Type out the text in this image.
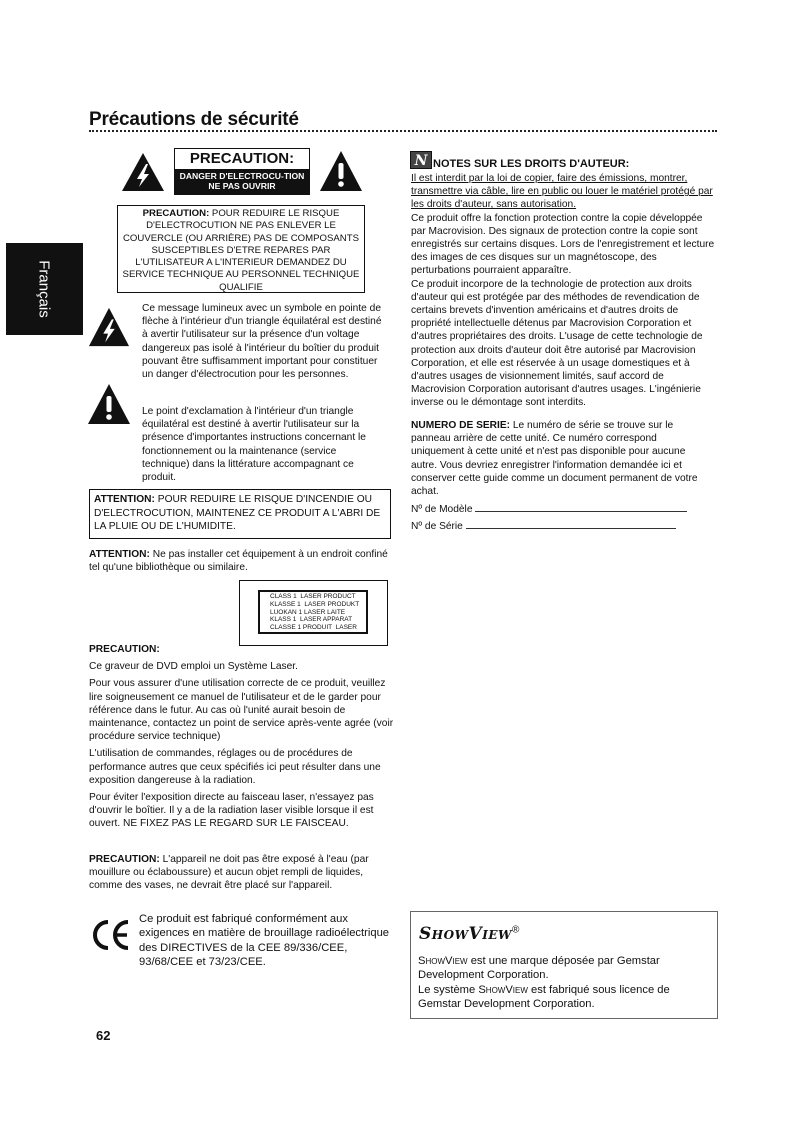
Précautions de sécurité
Français
PRECAUTION:
DANGER D'ELECTROCU-TION NE PAS OUVRIR
PRECAUTION: POUR REDUIRE LE RISQUE D'ELECTROCUTION NE PAS ENLEVER LE COUVERCLE (OU ARRIÈRE) PAS DE COMPOSANTS SUSCEPTIBLES D'ETRE REPARES PAR L'UTILISATEUR A L'INTERIEUR DEMANDEZ DU SERVICE TECHNIQUE AU PERSONNEL TECHNIQUE QUALIFIE
Ce message lumineux avec un symbole en pointe de flèche à l'intérieur d'un triangle équilatéral est destiné à avertir l'utilisateur sur la présence d'un voltage dangereux pas isolé à l'intérieur du boîtier du produit pouvant être suffisamment important pour constituer un danger d'électrocution pour les personnes.
Le point d'exclamation à l'intérieur d'un triangle équilatéral est destiné à avertir l'utilisateur sur la présence d'importantes instructions concernant le fonctionnement ou la maintenance (service technique) dans la littérature accompagnant ce produit.
ATTENTION: POUR REDUIRE LE RISQUE D'INCENDIE OU D'ELECTROCUTION, MAINTENEZ CE PRODUIT A L'ABRI DE LA PLUIE OU DE L'HUMIDITE.
ATTENTION: Ne pas installer cet équipement à un endroit confiné tel qu'une bibliothèque ou similaire.
CLASS 1  LASER PRODUCT
KLASSE 1  LASER PRODUKT
LUOKAN 1 LASER LAITE
KLASS 1  LASER APPARAT
CLASSE 1 PRODUIT  LASER
PRECAUTION:
Ce graveur de DVD emploi un Système Laser.
Pour vous assurer d'une utilisation correcte de ce produit, veuillez lire soigneusement ce manuel de l'utilisateur et de le garder pour référence dans le futur. Au cas où l'unité aurait besoin de maintenance, contactez un point de service après-vente agrée (voir procédure service technique)
L'utilisation de commandes, réglages ou de procédures de performance autres que ceux spécifiés ici peut résulter dans une exposition dangereuse à la radiation.
Pour éviter l'exposition directe au faisceau laser, n'essayez pas d'ouvrir le boîtier. Il y a de la radiation laser visible lorsque il est ouvert. NE FIXEZ PAS LE REGARD SUR LE FAISCEAU.
PRECAUTION: L'appareil ne doit pas être exposé à l'eau (par mouillure ou éclaboussure) et aucun objet rempli de liquides, comme des vases, ne devrait être placé sur l'appareil.
Ce produit est fabriqué conformément aux exigences en matière de brouillage radioélectrique des DIRECTIVES de la CEE 89/336/CEE, 93/68/CEE et 73/23/CEE.
N NOTES SUR LES DROITS D'AUTEUR:
Il est interdit par la loi de copier, faire des émissions, montrer, transmettre via câble, lire en public ou louer le matériel protégé par les droits d'auteur, sans autorisation.
Ce produit offre la fonction protection contre la copie développée par Macrovision. Des signaux de protection contre la copie sont enregistrés sur certains disques. Lors de l'enregistrement et lecture des images de ces disques sur un magnétoscope, des perturbations pourraient apparaître.
Ce produit incorpore de la technologie de protection aux droits d'auteur qui est protégée par des méthodes de revendication de certains brevets d'invention américains et d'autres droits de propriété intellectuelle détenus par Macrovision Corporation et d'autres propriétaires des droits. L'usage de cette technologie de protection aux droits d'auteur doit être autorisé par Macrovision Corporation, et elle est réservée à un usage domestiques et à d'autres usages de visionnement limités, sauf accord de Macrovision Corporation autorisant d'autres usages. L'ingénierie inverse ou le démontage sont interdits.
NUMERO DE SERIE: Le numéro de série se trouve sur le panneau arrière de cette unité. Ce numéro correspond uniquement à cette unité et n'est pas disponible pour aucune autre. Vous devriez enregistrer l'information demandée ici et conserver cette guide comme un document permanent de votre achat.
Nº de Modèle
Nº de Série
ShowView®
ShowView est une marque déposée par Gemstar Development Corporation.
Le système ShowView est fabriqué sous licence de Gemstar Development Corporation.
62
